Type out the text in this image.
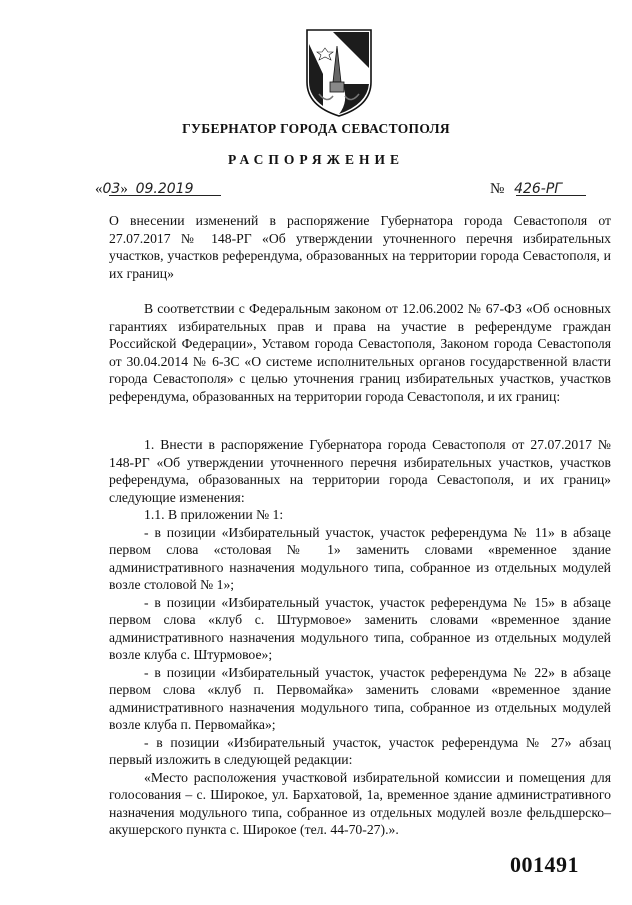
ГУБЕРНАТОР ГОРОДА СЕВАСТОПОЛЯ
РАСПОРЯЖЕНИЕ
«03» 09.2019	№ 426-РГ

О внесении изменений в распоряжение Губернатора города Севастополя от 27.07.2017 № 148-РГ «Об утверждении уточненного перечня избирательных участков, участков референдума, образованных на территории города Севастополя, и их границ»

В соответствии с Федеральным законом от 12.06.2002 № 67-ФЗ «Об основных гарантиях избирательных прав и права на участие в референдуме граждан Российской Федерации», Уставом города Севастополя, Законом города Севастополя от 30.04.2014 № 6-ЗС «О системе исполнительных органов государственной власти города Севастополя» с целью уточнения границ избирательных участков, участков референдума, образованных на территории города Севастополя, и их границ:

1. Внести в распоряжение Губернатора города Севастополя от 27.07.2017 № 148-РГ «Об утверждении уточненного перечня избирательных участков, участков референдума, образованных на территории города Севастополя, и их границ» следующие изменения:

1.1. В приложении № 1:

- в позиции «Избирательный участок, участок референдума № 11» в абзаце первом слова «столовая № 1» заменить словами «временное здание административного назначения модульного типа, собранное из отдельных модулей возле столовой № 1»;

- в позиции «Избирательный участок, участок референдума № 15» в абзаце первом слова «клуб с. Штурмовое» заменить словами «временное здание административного назначения модульного типа, собранное из отдельных модулей возле клуба с. Штурмовое»;

- в позиции «Избирательный участок, участок референдума № 22» в абзаце первом слова «клуб п. Первомайка» заменить словами «временное здание административного назначения модульного типа, собранное из отдельных модулей возле клуба п. Первомайка»;

- в позиции «Избирательный участок, участок референдума № 27» абзац первый изложить в следующей редакции:

«Место расположения участковой избирательной комиссии и помещения для голосования – с. Широкое, ул. Бархатовой, 1а, временное здание административного назначения модульного типа, собранное из отдельных модулей возле фельдшерско–акушерского пункта с. Широкое (тел. 44-70-27).».

001491
